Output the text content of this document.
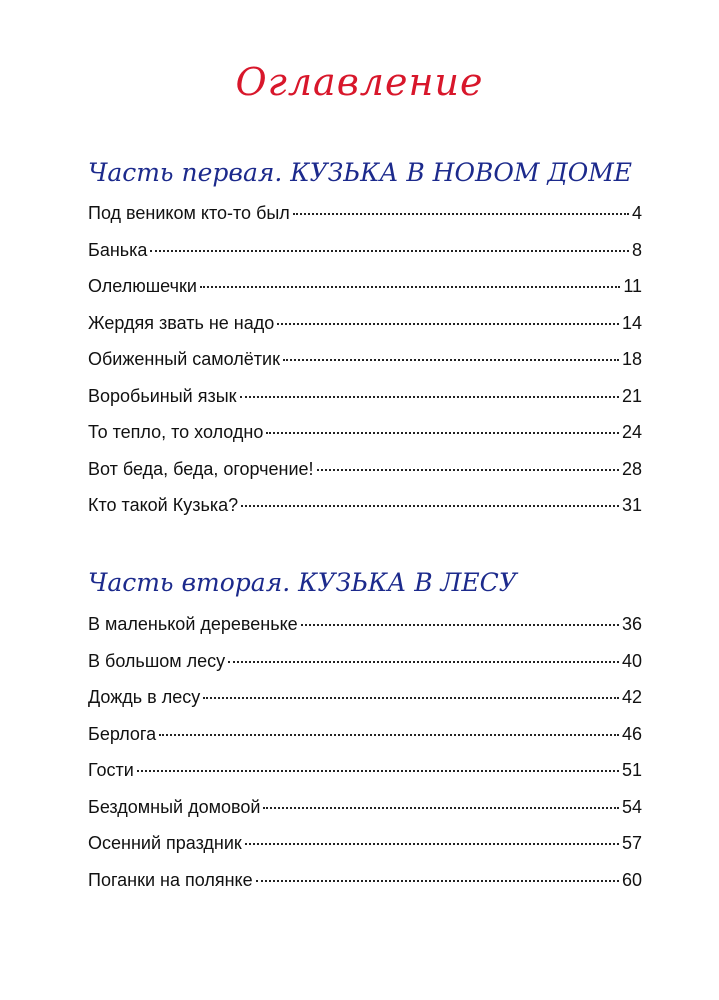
Оглавление
Часть первая. КУЗЬКА В НОВОМ ДОМЕ
Под веником кто-то был	4
Банька	8
Олелюшечки	11
Жердяя звать не надо	14
Обиженный самолётик	18
Воробьиный язык	21
То тепло, то холодно	24
Вот беда, беда, огорчение!	28
Кто такой Кузька?	31
Часть вторая. КУЗЬКА В ЛЕСУ
В маленькой деревеньке	36
В большом лесу	40
Дождь в лесу	42
Берлога	46
Гости	51
Бездомный домовой	54
Осенний праздник	57
Поганки на полянке	60
